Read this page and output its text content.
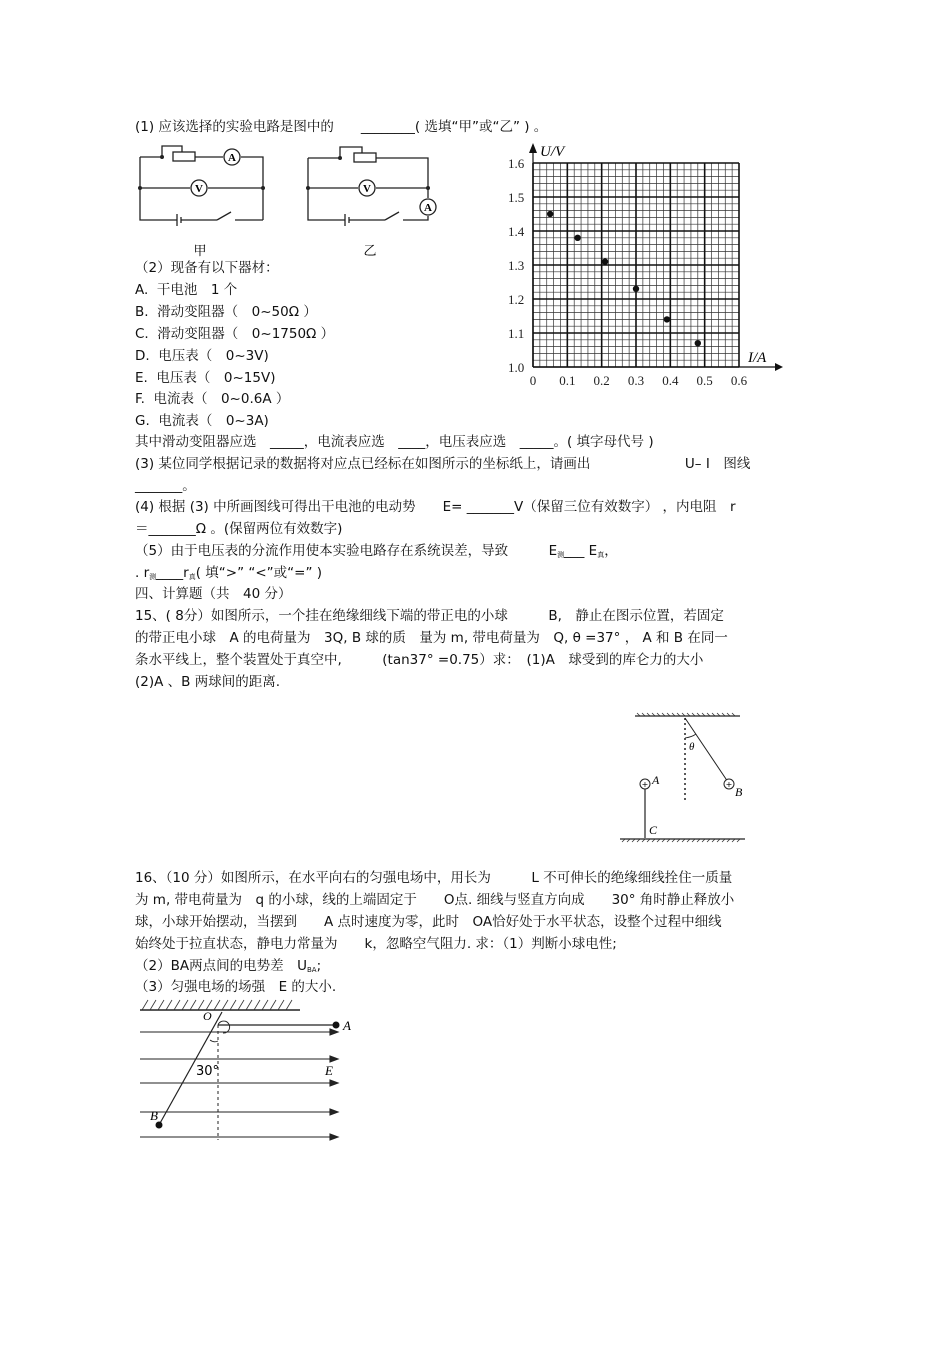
(1) 应该选择的实验电路是图中的　　________( 选填“甲”或“乙” ) 。
A
V
甲
A
V
乙
U/V
I/A
1.0
1.1
1.2
1.3
1.4
1.5
1.6
0 0.1 0.2 0.3 0.4 0.5 0.6
（2）现备有以下器材：
A.  干电池　1 个
B.  滑动变阻器（　0~50Ω ）
C.  滑动变阻器（　0~1750Ω ）
D.  电压表（　0~3V)
E.  电压表（　0~15V)
F.  电流表（　0~0.6A ）
G.  电流表（　0~3A)
其中滑动变阻器应选　_____，电流表应选　____，电压表应选　_____。( 填字母代号 )
(3) 某位同学根据记录的数据将对应点已经标在如图所示的坐标纸上，请画出　　　　　　　U– I　图线
_______。
(4) 根据 (3) 中所画图线可得出干电池的电动势　　E= _______V（保留三位有效数字） ，内电阻　r
＝_______Ω 。(保留两位有效数字)
（5）由于电压表的分流作用使本实验电路存在系统误差，导致　　　$E_测\_\_\_$ $E_真$，
. $r_测\_\_\_\_r_真$( 填“>” “<”或“=” )
四、计算题（共　40 分）
15、( 8分）如图所示，一个挂在绝缘细线下端的带正电的小球　　　B,　静止在图示位置，若固定
的带正电小球　A 的电荷量为　3Q, B 球的质　量为 m, 带电荷量为　Q, θ =37° ， A 和 B 在同一
条水平线上，整个装置处于真空中,　　　(tan37° =0.75）求：　(1)A　球受到的库仑力的大小
(2)A 、B 两球间的距离.
θ
+
B
+ A
C
16、（10 分）如图所示，在水平向右的匀强电场中，用长为　　　L 不可伸长的绝缘细线拴住一质量
为 m, 带电荷量为　q 的小球，线的上端固定于　　O点. 细线与竖直方向成　　30° 角时静止释放小
球，小球开始摆动，当摆到　　A 点时速度为零，此时　OA恰好处于水平状态，设整个过程中细线
始终处于拉直状态，静电力常量为　　k，忽略空气阻力. 求：（1）判断小球电性;
（2）BA两点间的电势差　$U_{BA}$;
（3）匀强电场的场强　E 的大小.
A
B
O
30°	E
